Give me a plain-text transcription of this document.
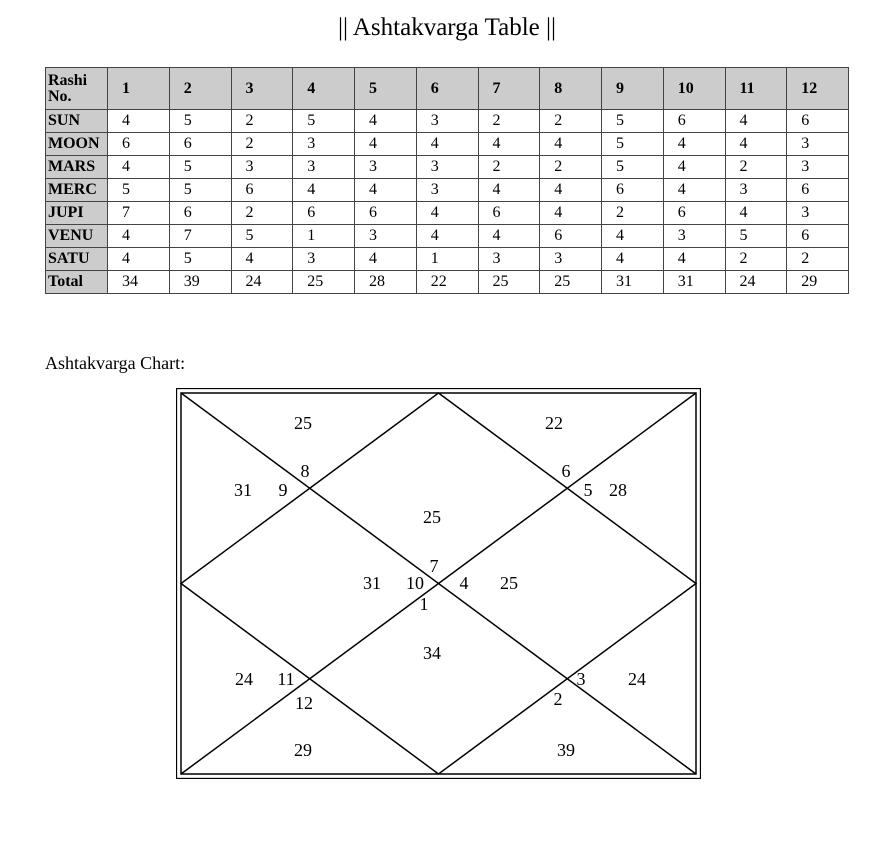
|| Ashtakvarga Table ||
Rashi No.	1	2	3	4	5	6	7	8	9	10	11	12
SUN	4	5	2	5	4	3	2	2	5	6	4	6
MOON	6	6	2	3	4	4	4	4	5	4	4	3
MARS	4	5	3	3	3	3	2	2	5	4	2	3
MERC	5	5	6	4	4	3	4	4	6	4	3	6
JUPI	7	6	2	6	6	4	6	4	2	6	4	3
VENU	4	7	5	1	3	4	4	6	4	3	5	6
SATU	4	5	4	3	4	1	3	3	4	4	2	2
Total	34	39	24	25	28	22	25	25	31	31	24	29
Ashtakvarga Chart:
34
1
39
2
24
3
25
4
28
5
22
6
25
7
25
8
31 9
31 10
24 11
29
12
